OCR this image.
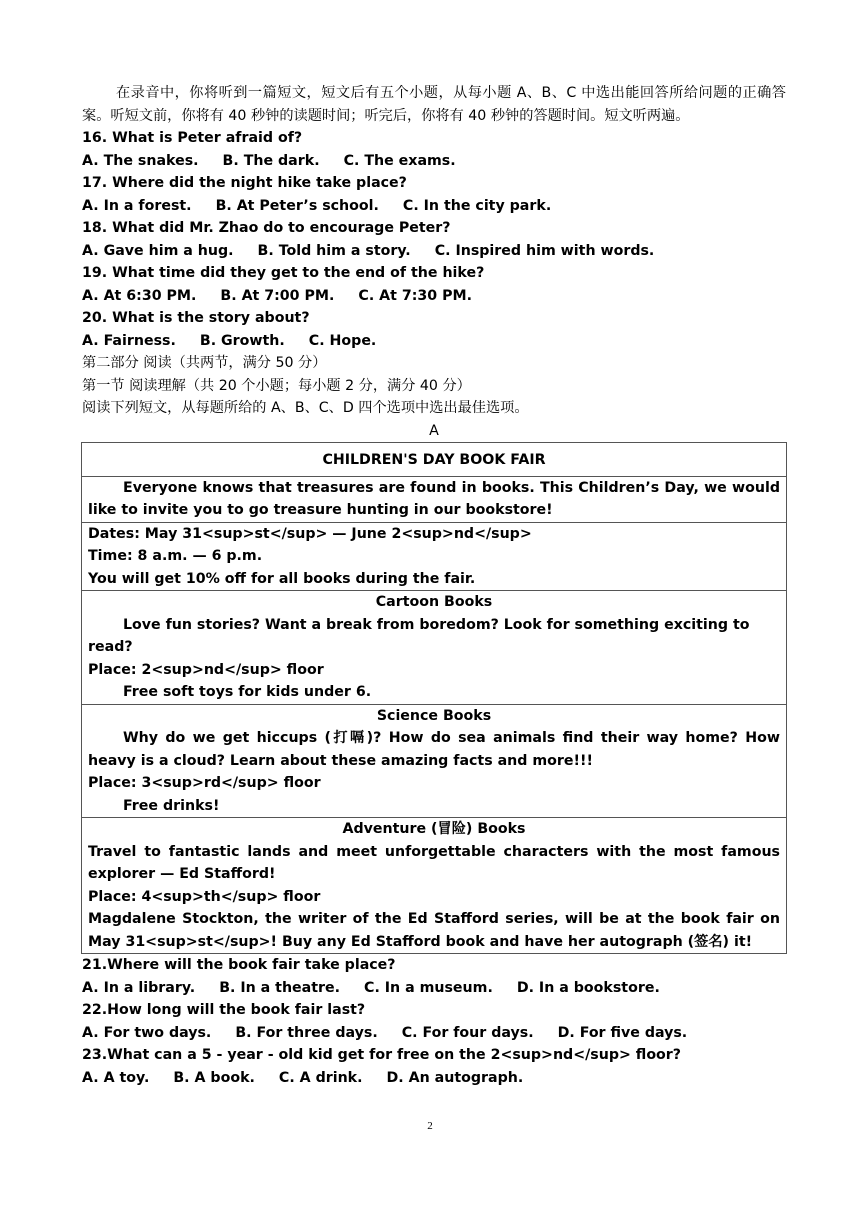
在录音中，你将听到一篇短文，短文后有五个小题，从每小题 A、B、C 中选出能回答所给问题的正确答案。听短文前，你将有 40 秒钟的读题时间；听完后，你将有 40 秒钟的答题时间。短文听两遍。

16. What is Peter afraid of?

A. The snakes. B. The dark. C. The exams.

17. Where did the night hike take place?

A. In a forest. B. At Peter’s school. C. In the city park.

18. What did Mr. Zhao do to encourage Peter?

A. Gave him a hug. B. Told him a story. C. Inspired him with words.

19. What time did they get to the end of the hike?

A. At 6:30 PM. B. At 7:00 PM. C. At 7:30 PM.

20. What is the story about?

A. Fairness. B. Growth. C. Hope.

第二部分 阅读（共两节，满分 50 分）

第一节 阅读理解（共 20 个小题；每小题 2 分，满分 40 分）

阅读下列短文，从每题所给的 A、B、C、D 四个选项中选出最佳选项。

A

CHILDREN'S DAY BOOK FAIR
Everyone knows that treasures are found in books. This Children’s Day, we would like to invite you to go treasure hunting in our bookstore!

Dates: May 31<sup>st</sup> — June 2<sup>nd</sup>
Time: 8 a.m. — 6 p.m.
You will get 10% off for all books during the fair.

Cartoon Books
Love fun stories? Want a break from boredom? Look for something exciting to read?
Place: 2<sup>nd</sup> floor
Free soft toys for kids under 6.

Science Books
Why do we get hiccups (打嗝)? How do sea animals find their way home? How heavy is a cloud? Learn about these amazing facts and more!!!
Place: 3<sup>rd</sup> floor
Free drinks!

Adventure (冒险) Books
Travel to fantastic lands and meet unforgettable characters with the most famous explorer — Ed Stafford!
Place: 4<sup>th</sup> floor
Magdalene Stockton, the writer of the Ed Stafford series, will be at the book fair on May 31<sup>st</sup>! Buy any Ed Stafford book and have her autograph (签名) it!

21.Where will the book fair take place?

A. In a library. B. In a theatre. C. In a museum. D. In a bookstore.

22.How long will the book fair last?

A. For two days. B. For three days. C. For four days. D. For five days.

23.What can a 5 - year - old kid get for free on the 2<sup>nd</sup> floor?

A. A toy. B. A book. C. A drink. D. An autograph.

2
